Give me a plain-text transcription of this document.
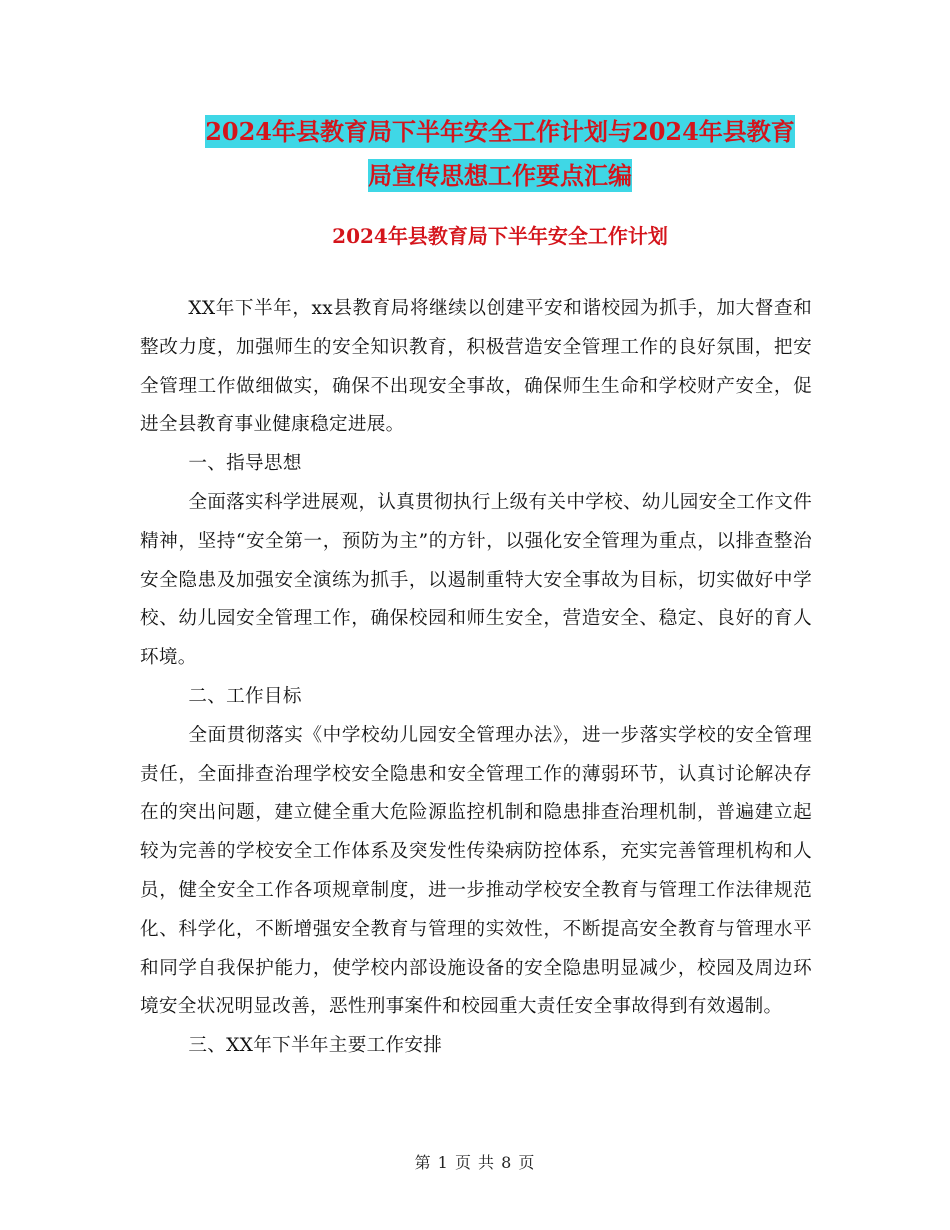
2024年县教育局下半年安全工作计划与2024年县教育
局宣传思想工作要点汇编
2024年县教育局下半年安全工作计划

XX年下半年，xx县教育局将继续以创建平安和谐校园为抓手，加大督查和整改力度，加强师生的安全知识教育，积极营造安全管理工作的良好氛围，把安全管理工作做细做实，确保不出现安全事故，确保师生生命和学校财产安全，促进全县教育事业健康稳定进展。

一、指导思想

全面落实科学进展观，认真贯彻执行上级有关中学校、幼儿园安全工作文件精神，坚持“安全第一，预防为主”的方针，以强化安全管理为重点，以排查整治安全隐患及加强安全演练为抓手，以遏制重特大安全事故为目标，切实做好中学校、幼儿园安全管理工作，确保校园和师生安全，营造安全、稳定、良好的育人环境。

二、工作目标

全面贯彻落实《中学校幼儿园安全管理办法》，进一步落实学校的安全管理责任，全面排查治理学校安全隐患和安全管理工作的薄弱环节，认真讨论解决存在的突出问题，建立健全重大危险源监控机制和隐患排查治理机制，普遍建立起较为完善的学校安全工作体系及突发性传染病防控体系，充实完善管理机构和人员，健全安全工作各项规章制度，进一步推动学校安全教育与管理工作法律规范化、科学化，不断增强安全教育与管理的实效性，不断提高安全教育与管理水平和同学自我保护能力，使学校内部设施设备的安全隐患明显减少，校园及周边环境安全状况明显改善，恶性刑事案件和校园重大责任安全事故得到有效遏制。

三、XX年下半年主要工作安排

第 1 页 共 8 页
